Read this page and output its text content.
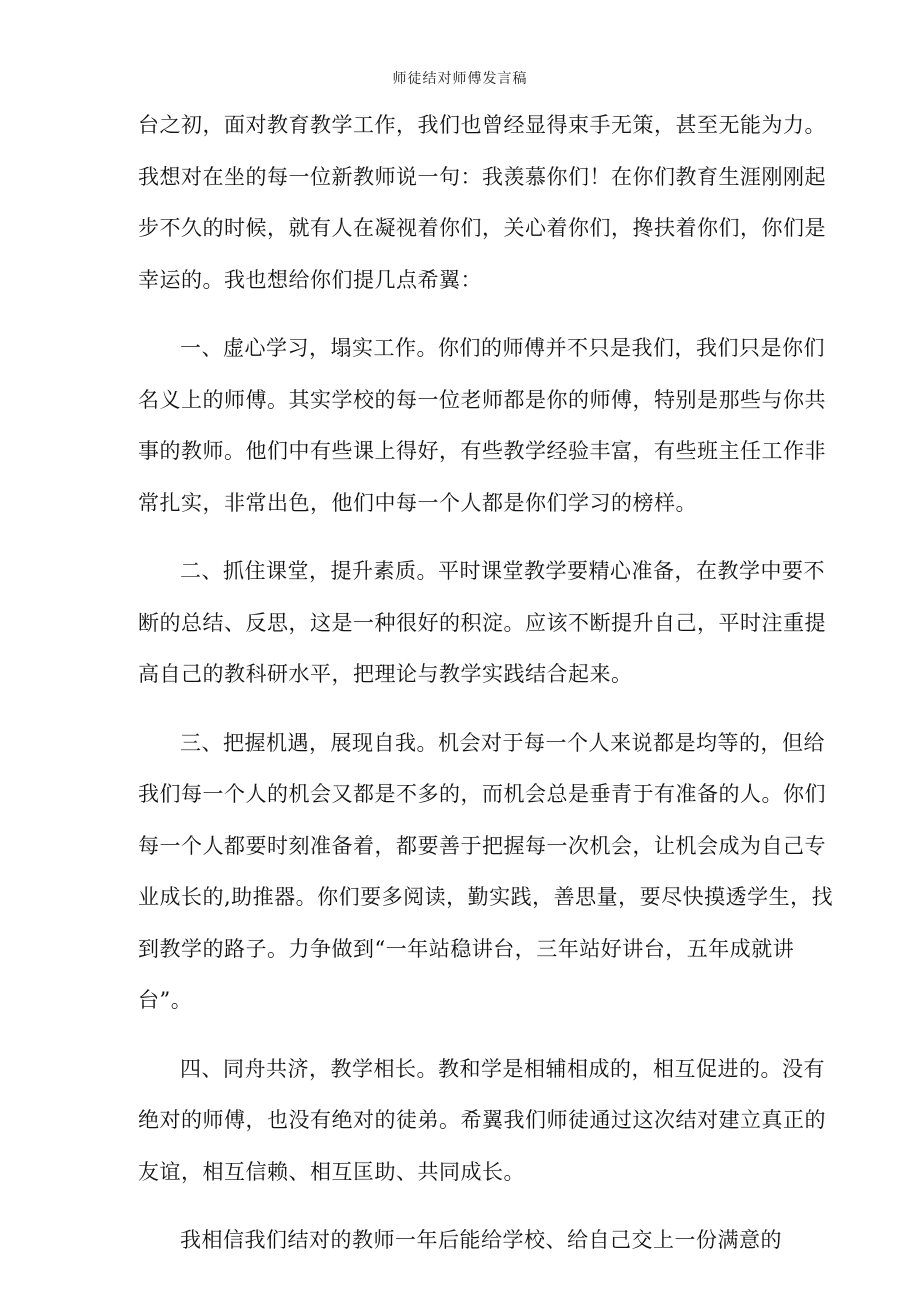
师徒结对师傅发言稿
台之初，面对教育教学工作，我们也曾经显得束手无策，甚至无能为力。
我想对在坐的每一位新教师说一句：我羡慕你们！在你们教育生涯刚刚起
步不久的时候，就有人在凝视着你们，关心着你们，搀扶着你们，你们是
幸运的。我也想给你们提几点希翼：
一、虚心学习，塌实工作。你们的师傅并不只是我们，我们只是你们
名义上的师傅。其实学校的每一位老师都是你的师傅，特别是那些与你共
事的教师。他们中有些课上得好，有些教学经验丰富，有些班主任工作非
常扎实，非常出色，他们中每一个人都是你们学习的榜样。
二、抓住课堂，提升素质。平时课堂教学要精心准备，在教学中要不
断的总结、反思，这是一种很好的积淀。应该不断提升自己，平时注重提
高自己的教科研水平，把理论与教学实践结合起来。
三、把握机遇，展现自我。机会对于每一个人来说都是均等的，但给
我们每一个人的机会又都是不多的，而机会总是垂青于有准备的人。你们
每一个人都要时刻准备着，都要善于把握每一次机会，让机会成为自己专
业成长的,助推器。你们要多阅读，勤实践，善思量，要尽快摸透学生，找
到教学的路子。力争做到“一年站稳讲台，三年站好讲台，五年成就讲
台”。
四、同舟共济，教学相长。教和学是相辅相成的，相互促进的。没有
绝对的师傅，也没有绝对的徒弟。希翼我们师徒通过这次结对建立真正的
友谊，相互信赖、相互匡助、共同成长。
我相信我们结对的教师一年后能给学校、给自己交上一份满意的
